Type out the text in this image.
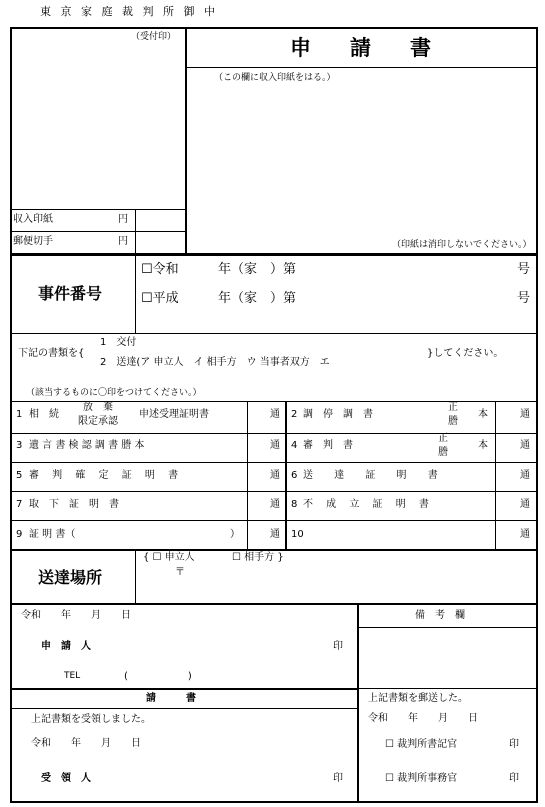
東 京 家 庭 裁 判 所 御 中
（受付印）	申　請　書
（この欄に収入印紙をはる。）
（印紙は消印しないでください。）
収入印紙	円
郵便切手	円
事件番号
☐令和	年（家　）第	号
☐平成	年（家　）第	号
下記の書類を{
1　交付
2　送達(ア 申立人　イ 相手方　ウ 当事者双方　エ
}してください。
（該当するものに〇印をつけてください。）
1 相　続
放　棄
限定承認
申述受理証明書	通 2 調　停　調　書
正
謄
本	通
3 遺 言 書 検 認 調 書 謄 本	通 4 審　判　書
正
謄
本	通
5 審 判 確 定 証 明 書	通 6 送 達 証 明 書	通
7 取　下　証　明　書	通 8 不 成 立 証 明 書	通
9 証 明 書（	）	通 10	通
送達場所
{ ☐ 申立人	☐ 相手方 }
〒
令和　　年　　月　　日
申　請　人	印
TEL	(　　　　　　)
備　考　欄
請　　　書
上記書類を受領しました。
令和　　年　　月　　日
受　領　人	印
上記書類を郵送した。
令和　　年　　月　　日
☐ 裁判所書記官	印
☐ 裁判所事務官	印
